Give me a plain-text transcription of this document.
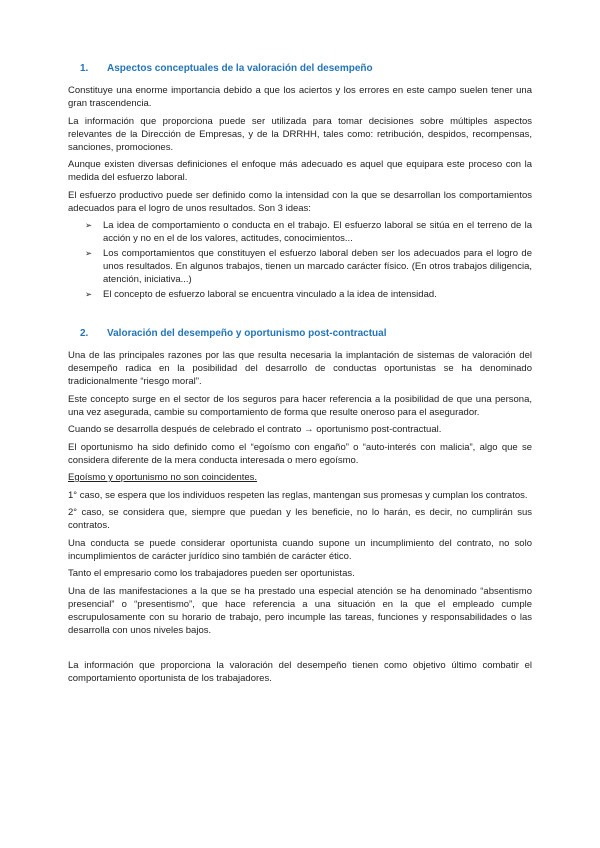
1.	Aspectos conceptuales de la valoración del desempeño

Constituye una enorme importancia debido a que los aciertos y los errores en este campo suelen tener una gran trascendencia.

La información que proporciona puede ser utilizada para tomar decisiones sobre múltiples aspectos relevantes de la Dirección de Empresas, y de la DRRHH, tales como: retribución, despidos, recompensas, sanciones, promociones.

Aunque existen diversas definiciones el enfoque más adecuado es aquel que equipara este proceso con la medida del esfuerzo laboral.

El esfuerzo productivo puede ser definido como la intensidad con la que se desarrollan los comportamientos adecuados para el logro de unos resultados. Son 3 ideas:

➢	La idea de comportamiento o conducta en el trabajo. El esfuerzo laboral se sitúa en el terreno de la acción y no en el de los valores, actitudes, conocimientos...
➢	Los comportamientos que constituyen el esfuerzo laboral deben ser los adecuados para el logro de unos resultados. En algunos trabajos, tienen un marcado carácter físico. (En otros trabajos diligencia, atención, iniciativa...)
➢	El concepto de esfuerzo laboral se encuentra vinculado a la idea de intensidad.
2.	Valoración del desempeño y oportunismo post-contractual

Una de las principales razones por las que resulta necesaria la implantación de sistemas de valoración del desempeño radica en la posibilidad del desarrollo de conductas oportunistas se ha denominado tradicionalmente “riesgo moral”.

Este concepto surge en el sector de los seguros para hacer referencia a la posibilidad de que una persona, una vez asegurada, cambie su comportamiento de forma que resulte oneroso para el asegurador.

Cuando se desarrolla después de celebrado el contrato → oportunismo post-contractual.

El oportunismo ha sido definido como el “egoísmo con engaño” o “auto-interés con malicia”, algo que se considera diferente de la mera conducta interesada o mero egoísmo.

Egoísmo y oportunismo no son coincidentes.

1° caso, se espera que los individuos respeten las reglas, mantengan sus promesas y cumplan los contratos.

2° caso, se considera que, siempre que puedan y les beneficie, no lo harán, es decir, no cumplirán sus contratos.

Una conducta se puede considerar oportunista cuando supone un incumplimiento del contrato, no solo incumplimientos de carácter jurídico sino también de carácter ético.

Tanto el empresario como los trabajadores pueden ser oportunistas.

Una de las manifestaciones a la que se ha prestado una especial atención se ha denominado “absentismo presencial” o “presentismo”, que hace referencia a una situación en la que el empleado cumple escrupulosamente con su horario de trabajo, pero incumple las tareas, funciones y responsabilidades o las desarrolla con unos niveles bajos.

La información que proporciona la valoración del desempeño tienen como objetivo último combatir el comportamiento oportunista de los trabajadores.
